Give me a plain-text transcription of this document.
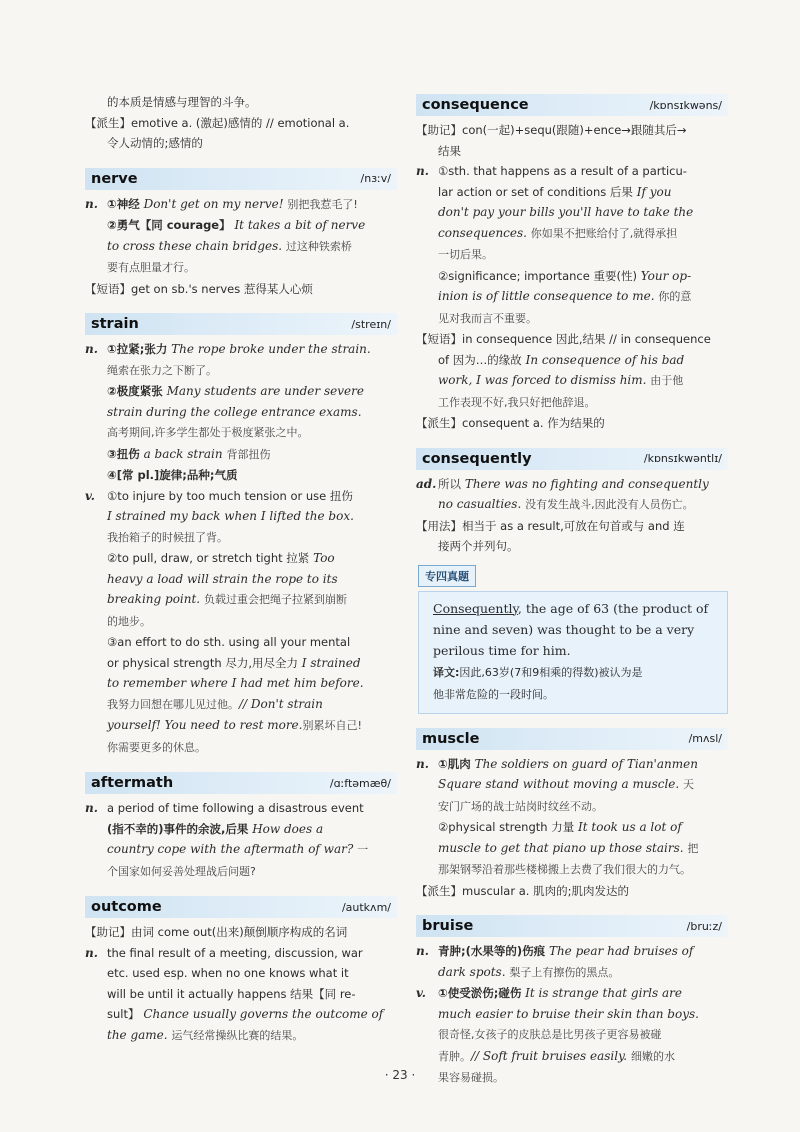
的本质是情感与理智的斗争。

【派生】emotive a. (激起)感情的 // emotional a.

令人动情的;感情的

nerve	/nɜːv/

n. ①神经 Don't get on my nerve! 别把我惹毛了!

②勇气【同 courage】 It takes a bit of nerve

to cross these chain bridges. 过这种铁索桥

要有点胆量才行。

【短语】get on sb.'s nerves 惹得某人心烦

strain	/streɪn/

n. ①拉紧;张力 The rope broke under the strain.

绳索在张力之下断了。

②极度紧张 Many students are under severe

strain during the college entrance exams.

高考期间,许多学生都处于极度紧张之中。

③扭伤 a back strain 背部扭伤

④[常 pl.]旋律;品种;气质

v. ①to injure by too much tension or use 扭伤

I strained my back when I lifted the box.

我抬箱子的时候扭了背。

②to pull, draw, or stretch tight 拉紧 Too

heavy a load will strain the rope to its

breaking point. 负载过重会把绳子拉紧到崩断

的地步。

③an effort to do sth. using all your mental

or physical strength 尽力,用尽全力 I strained

to remember where I had met him before.

我努力回想在哪儿见过他。// Don't strain

yourself! You need to rest more.别累坏自己!

你需要更多的休息。

aftermath	/ɑːftəmæθ/

n. a period of time following a disastrous event

(指不幸的)事件的余波,后果 How does a

country cope with the aftermath of war? 一

个国家如何妥善处理战后问题?

outcome	/autkʌm/

【助记】由词 come out(出来)颠倒顺序构成的名词

n. the final result of a meeting, discussion, war

etc. used esp. when no one knows what it

will be until it actually happens 结果【同 re-

sult】 Chance usually governs the outcome of

the game. 运气经常操纵比赛的结果。

consequence	/kɒnsɪkwəns/

【助记】con(一起)+sequ(跟随)+ence→跟随其后→

结果

n. ①sth. that happens as a result of a particu-

lar action or set of conditions 后果 If you

don't pay your bills you'll have to take the

consequences. 你如果不把账给付了,就得承担

一切后果。

②significance; importance 重要(性) Your op-

inion is of little consequence to me. 你的意

见对我而言不重要。

【短语】in consequence 因此,结果 // in consequence

of 因为…的缘故 In consequence of his bad

work, I was forced to dismiss him. 由于他

工作表现不好,我只好把他辞退。

【派生】consequent a. 作为结果的

consequently	/kɒnsɪkwəntlɪ/

ad. 所以 There was no fighting and consequently

no casualties. 没有发生战斗,因此没有人员伤亡。

【用法】相当于 as a result,可放在句首或与 and 连

接两个并列句。

专四真题

Consequently, the age of 63 (the product of

nine and seven) was thought to be a very

perilous time for him.

译文:因此,63岁(7和9相乘的得数)被认为是

他非常危险的一段时间。

muscle	/mʌsl/

n. ①肌肉 The soldiers on guard of Tian'anmen

Square stand without moving a muscle. 天

安门广场的战士站岗时纹丝不动。

②physical strength 力量 It took us a lot of

muscle to get that piano up those stairs. 把

那架钢琴沿着那些楼梯搬上去费了我们很大的力气。

【派生】muscular a. 肌肉的;肌肉发达的

bruise	/bruːz/

n. 青肿;(水果等的)伤痕 The pear had bruises of

dark spots. 梨子上有擦伤的黑点。

v. ①使受淤伤;碰伤 It is strange that girls are

much easier to bruise their skin than boys.

很奇怪,女孩子的皮肤总是比男孩子更容易被碰

青肿。// Soft fruit bruises easily. 细嫩的水

果容易碰损。

· 23 ·
